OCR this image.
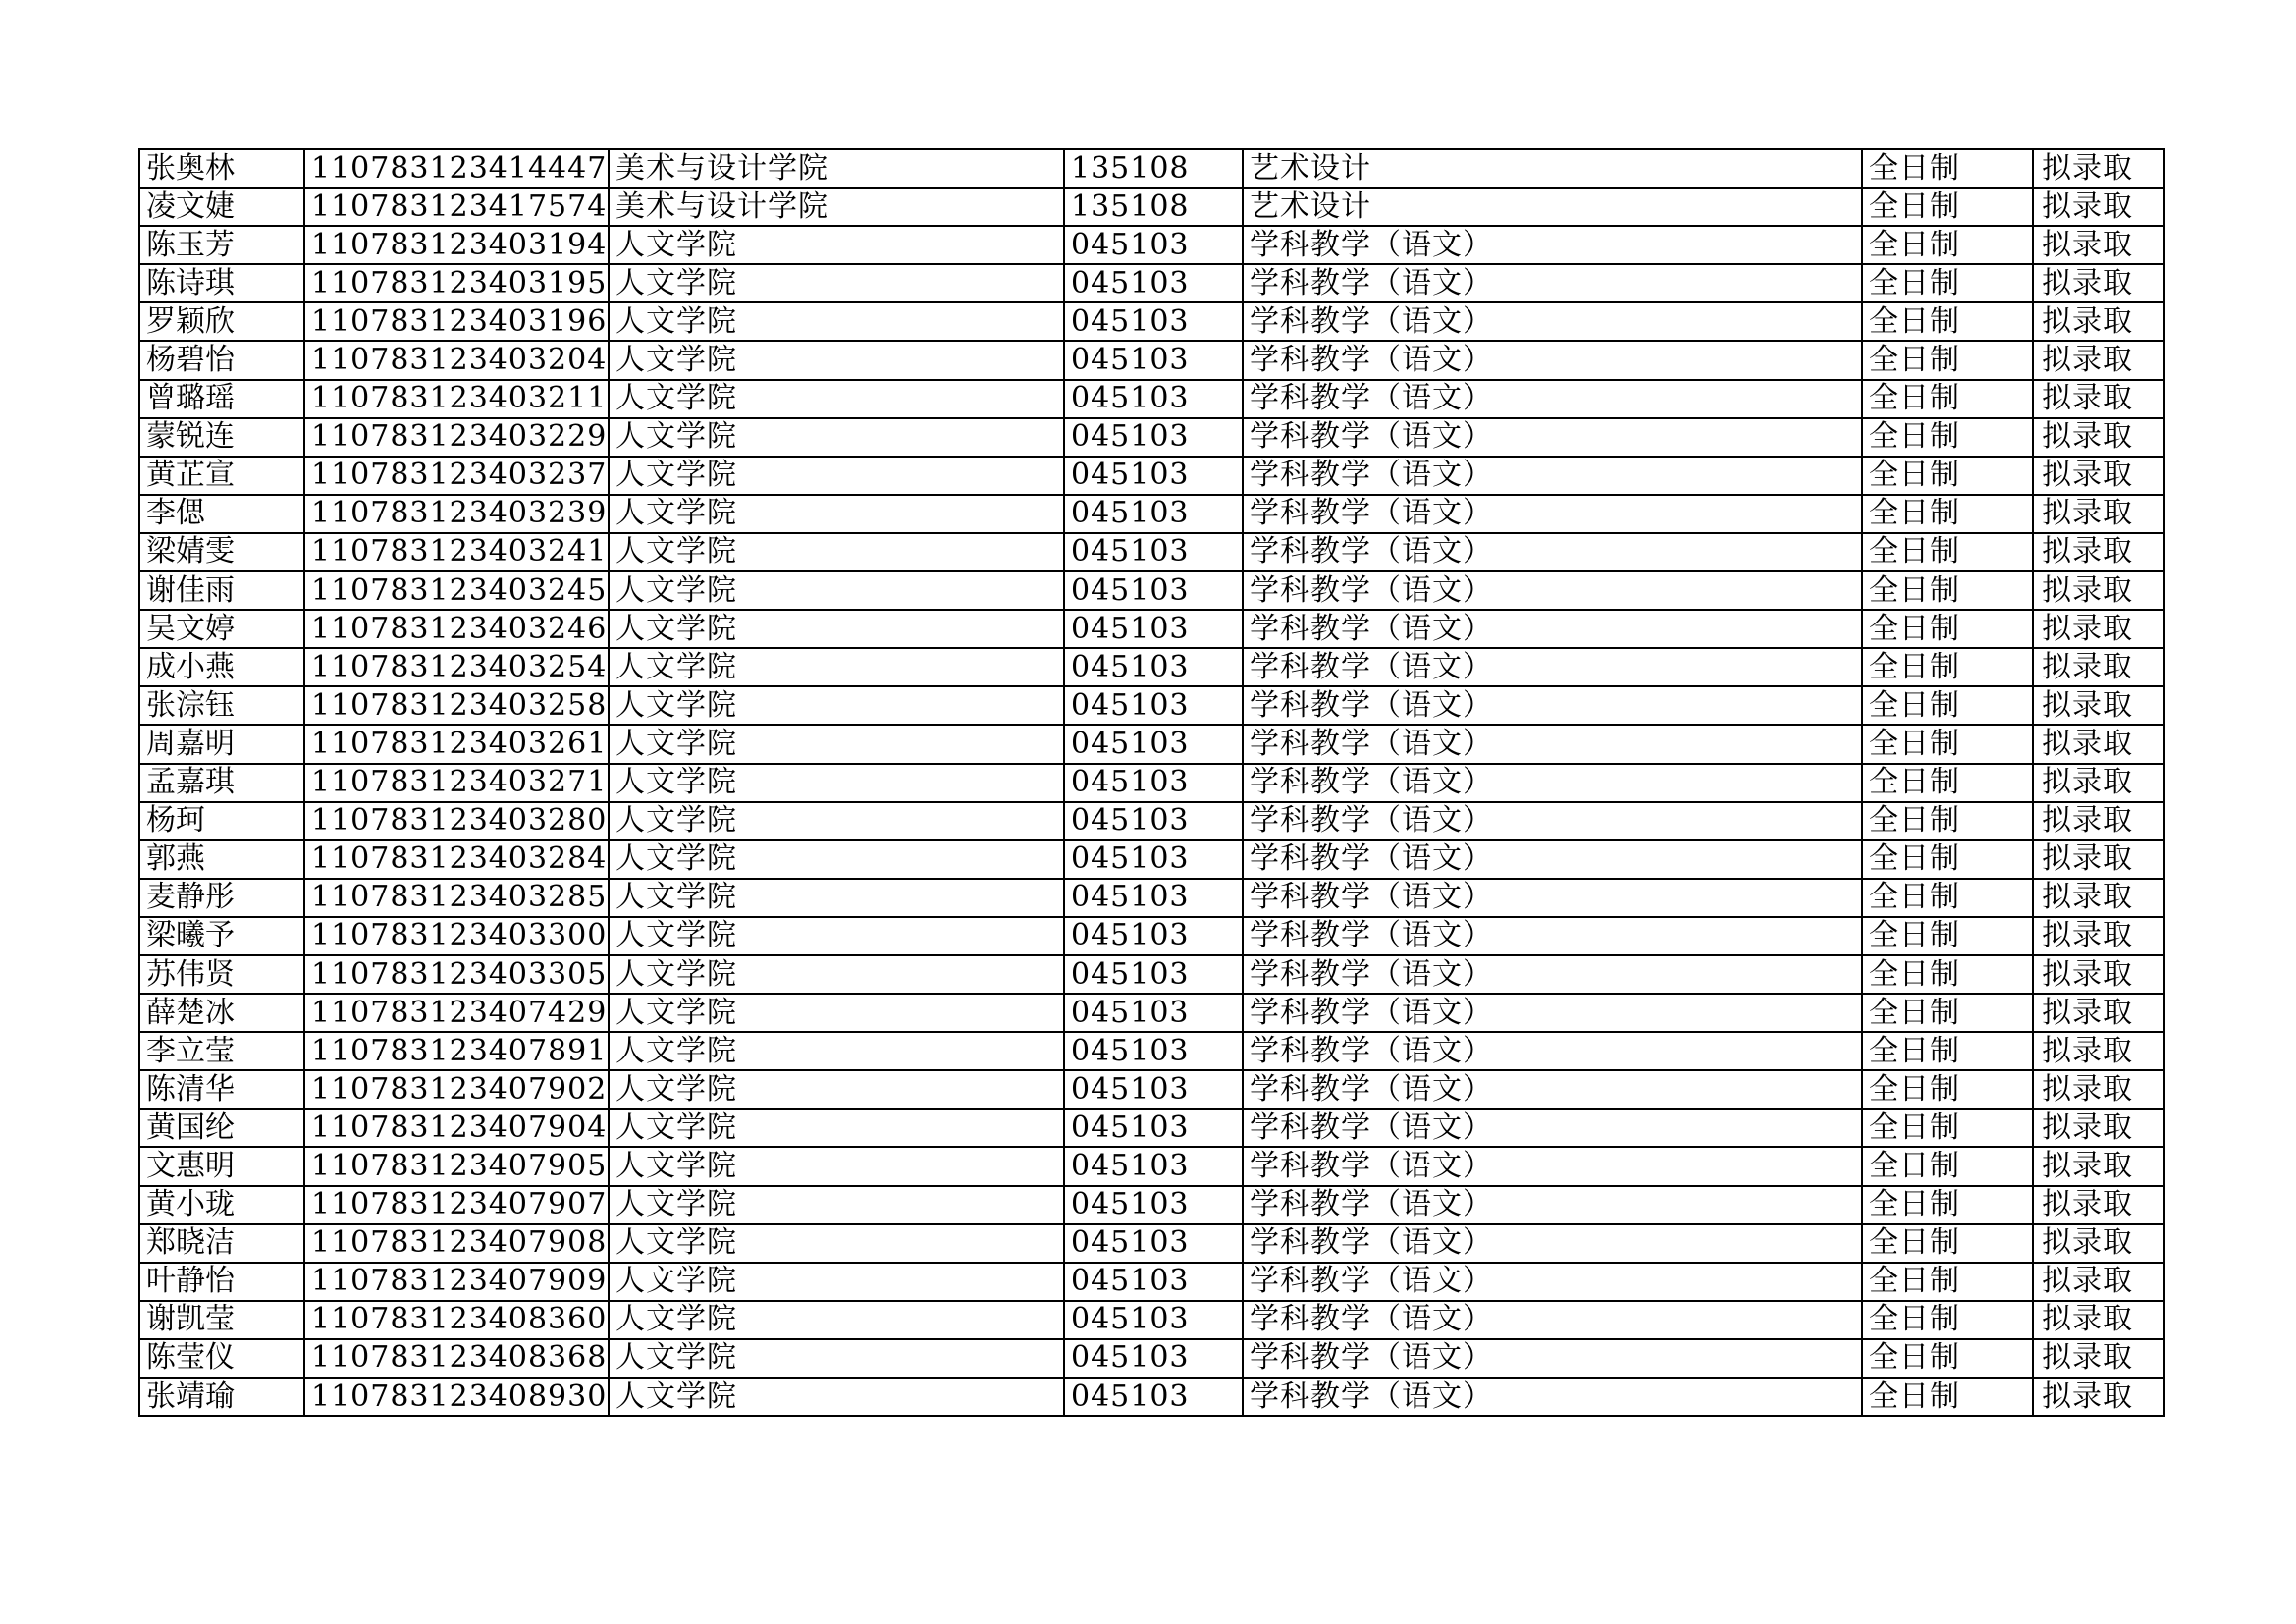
张奥林	110783123414447	美术与设计学院	135108	艺术设计	全日制	拟录取
凌文婕	110783123417574	美术与设计学院	135108	艺术设计	全日制	拟录取
陈玉芳	110783123403194	人文学院	045103	学科教学（语文）	全日制	拟录取
陈诗琪	110783123403195	人文学院	045103	学科教学（语文）	全日制	拟录取
罗颖欣	110783123403196	人文学院	045103	学科教学（语文）	全日制	拟录取
杨碧怡	110783123403204	人文学院	045103	学科教学（语文）	全日制	拟录取
曾璐瑶	110783123403211	人文学院	045103	学科教学（语文）	全日制	拟录取
蒙锐连	110783123403229	人文学院	045103	学科教学（语文）	全日制	拟录取
黄芷宣	110783123403237	人文学院	045103	学科教学（语文）	全日制	拟录取
李偲	110783123403239	人文学院	045103	学科教学（语文）	全日制	拟录取
梁婧雯	110783123403241	人文学院	045103	学科教学（语文）	全日制	拟录取
谢佳雨	110783123403245	人文学院	045103	学科教学（语文）	全日制	拟录取
吴文婷	110783123403246	人文学院	045103	学科教学（语文）	全日制	拟录取
成小燕	110783123403254	人文学院	045103	学科教学（语文）	全日制	拟录取
张淙钰	110783123403258	人文学院	045103	学科教学（语文）	全日制	拟录取
周嘉明	110783123403261	人文学院	045103	学科教学（语文）	全日制	拟录取
孟嘉琪	110783123403271	人文学院	045103	学科教学（语文）	全日制	拟录取
杨珂	110783123403280	人文学院	045103	学科教学（语文）	全日制	拟录取
郭燕	110783123403284	人文学院	045103	学科教学（语文）	全日制	拟录取
麦静彤	110783123403285	人文学院	045103	学科教学（语文）	全日制	拟录取
梁曦予	110783123403300	人文学院	045103	学科教学（语文）	全日制	拟录取
苏伟贤	110783123403305	人文学院	045103	学科教学（语文）	全日制	拟录取
薛楚冰	110783123407429	人文学院	045103	学科教学（语文）	全日制	拟录取
李立莹	110783123407891	人文学院	045103	学科教学（语文）	全日制	拟录取
陈清华	110783123407902	人文学院	045103	学科教学（语文）	全日制	拟录取
黄国纶	110783123407904	人文学院	045103	学科教学（语文）	全日制	拟录取
文惠明	110783123407905	人文学院	045103	学科教学（语文）	全日制	拟录取
黄小珑	110783123407907	人文学院	045103	学科教学（语文）	全日制	拟录取
郑晓洁	110783123407908	人文学院	045103	学科教学（语文）	全日制	拟录取
叶静怡	110783123407909	人文学院	045103	学科教学（语文）	全日制	拟录取
谢凯莹	110783123408360	人文学院	045103	学科教学（语文）	全日制	拟录取
陈莹仪	110783123408368	人文学院	045103	学科教学（语文）	全日制	拟录取
张靖瑜	110783123408930	人文学院	045103	学科教学（语文）	全日制	拟录取
